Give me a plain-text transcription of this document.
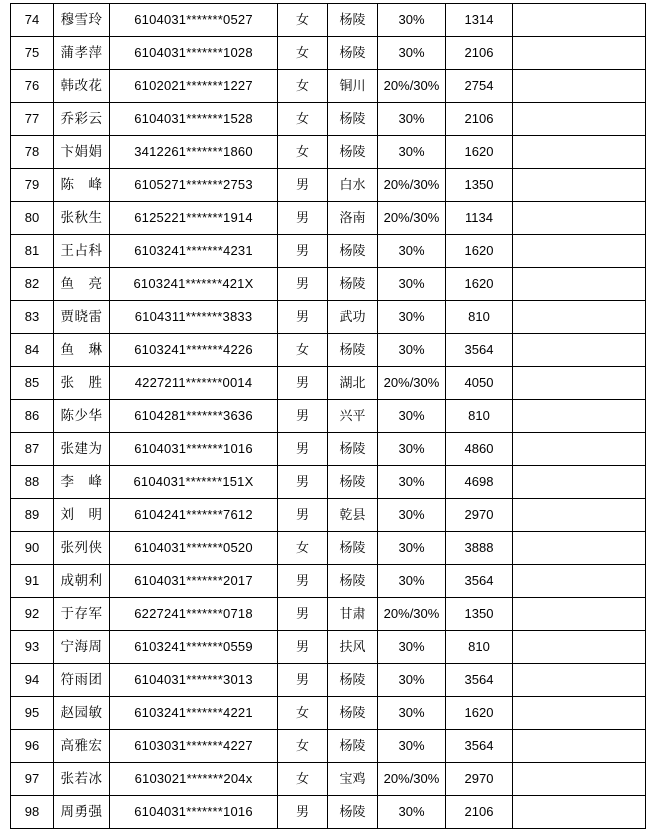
74	穆雪玲	6104031*******0527	女	杨陵	30%	1314	
75	蒲孝萍	6104031*******1028	女	杨陵	30%	2106	
76	韩改花	6102021*******1227	女	铜川	20%/30%	2754	
77	乔彩云	6104031*******1528	女	杨陵	30%	2106	
78	卞娟娟	3412261*******1860	女	杨陵	30%	1620	
79	陈　峰	6105271*******2753	男	白水	20%/30%	1350	
80	张秋生	6125221*******1914	男	洛南	20%/30%	1134	
81	王占科	6103241*******4231	男	杨陵	30%	1620	
82	鱼　亮	6103241*******421X	男	杨陵	30%	1620	
83	贾晓雷	6104311*******3833	男	武功	30%	810	
84	鱼　琳	6103241*******4226	女	杨陵	30%	3564	
85	张　胜	4227211*******0014	男	湖北	20%/30%	4050	
86	陈少华	6104281*******3636	男	兴平	30%	810	
87	张建为	6104031*******1016	男	杨陵	30%	4860	
88	李　峰	6104031*******151X	男	杨陵	30%	4698	
89	刘　明	6104241*******7612	男	乾县	30%	2970	
90	张列侠	6104031*******0520	女	杨陵	30%	3888	
91	成朝利	6104031*******2017	男	杨陵	30%	3564	
92	于存军	6227241*******0718	男	甘肃	20%/30%	1350	
93	宁海周	6103241*******0559	男	扶风	30%	810	
94	符雨团	6104031*******3013	男	杨陵	30%	3564	
95	赵园敏	6103241*******4221	女	杨陵	30%	1620	
96	高雅宏	6103031*******4227	女	杨陵	30%	3564	
97	张若冰	6103021*******204x	女	宝鸡	20%/30%	2970	
98	周勇强	6104031*******1016	男	杨陵	30%	2106	
